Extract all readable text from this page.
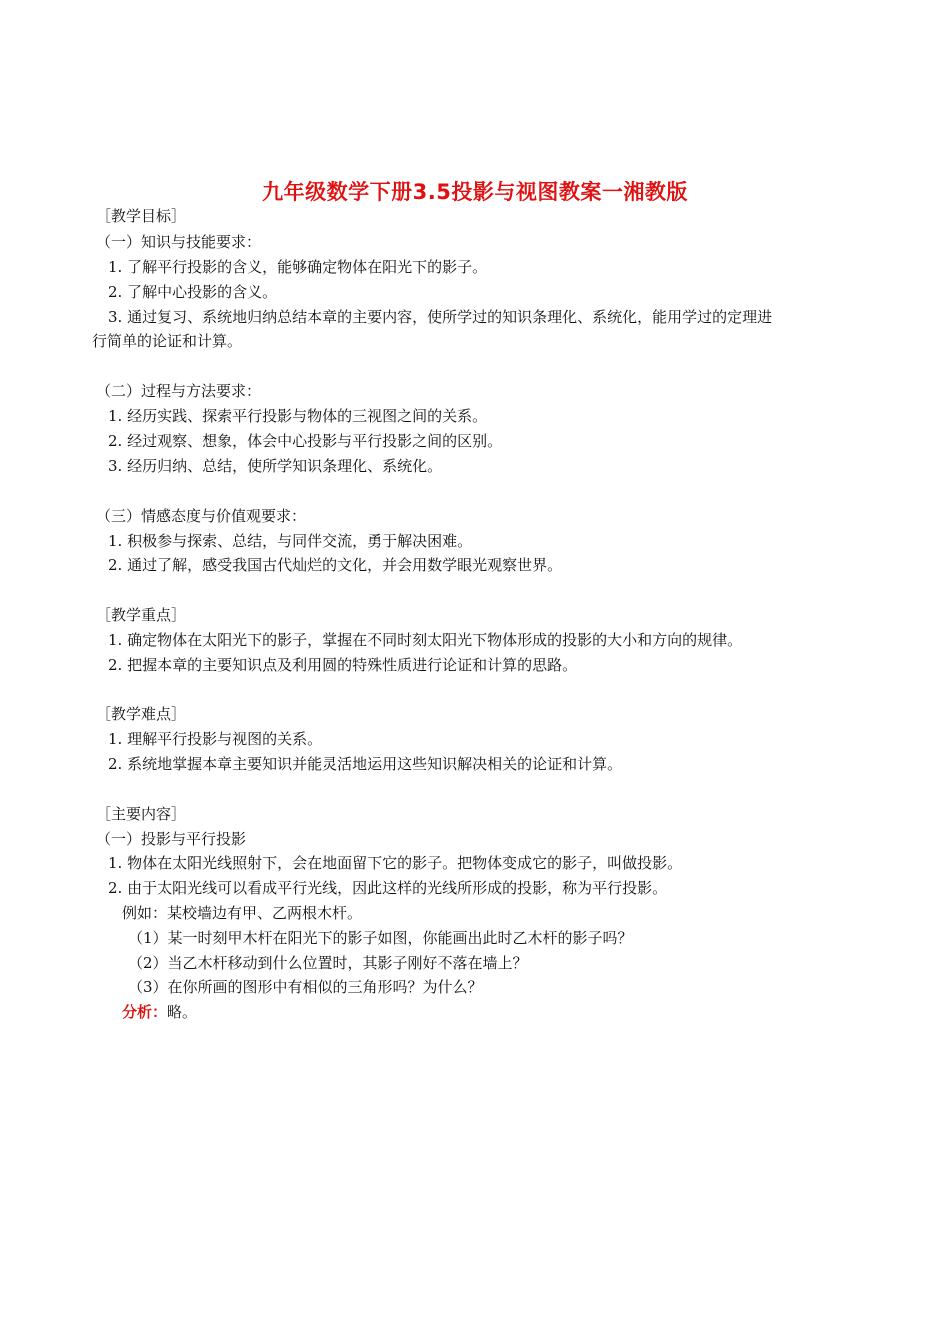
九年级数学下册3.5投影与视图教案一湘教版
［教学目标］
（一）知识与技能要求：
1. 了解平行投影的含义，能够确定物体在阳光下的影子。
2. 了解中心投影的含义。
3. 通过复习、系统地归纳总结本章的主要内容，使所学过的知识条理化、系统化，能用学过的定理进
行简单的论证和计算。
（二）过程与方法要求：
1. 经历实践、探索平行投影与物体的三视图之间的关系。
2. 经过观察、想象，体会中心投影与平行投影之间的区别。
3. 经历归纳、总结，使所学知识条理化、系统化。
（三）情感态度与价值观要求：
1. 积极参与探索、总结，与同伴交流，勇于解决困难。
2. 通过了解，感受我国古代灿烂的文化，并会用数学眼光观察世界。
［教学重点］
1. 确定物体在太阳光下的影子，掌握在不同时刻太阳光下物体形成的投影的大小和方向的规律。
2. 把握本章的主要知识点及利用圆的特殊性质进行论证和计算的思路。
［教学难点］
1. 理解平行投影与视图的关系。
2. 系统地掌握本章主要知识并能灵活地运用这些知识解决相关的论证和计算。
［主要内容］
（一）投影与平行投影
1. 物体在太阳光线照射下，会在地面留下它的影子。把物体变成它的影子，叫做投影。
2. 由于太阳光线可以看成平行光线，因此这样的光线所形成的投影，称为平行投影。
例如：某校墙边有甲、乙两根木杆。
（1）某一时刻甲木杆在阳光下的影子如图，你能画出此时乙木杆的影子吗？
（2）当乙木杆移动到什么位置时，其影子刚好不落在墙上？
（3）在你所画的图形中有相似的三角形吗？为什么？
分析：略。
